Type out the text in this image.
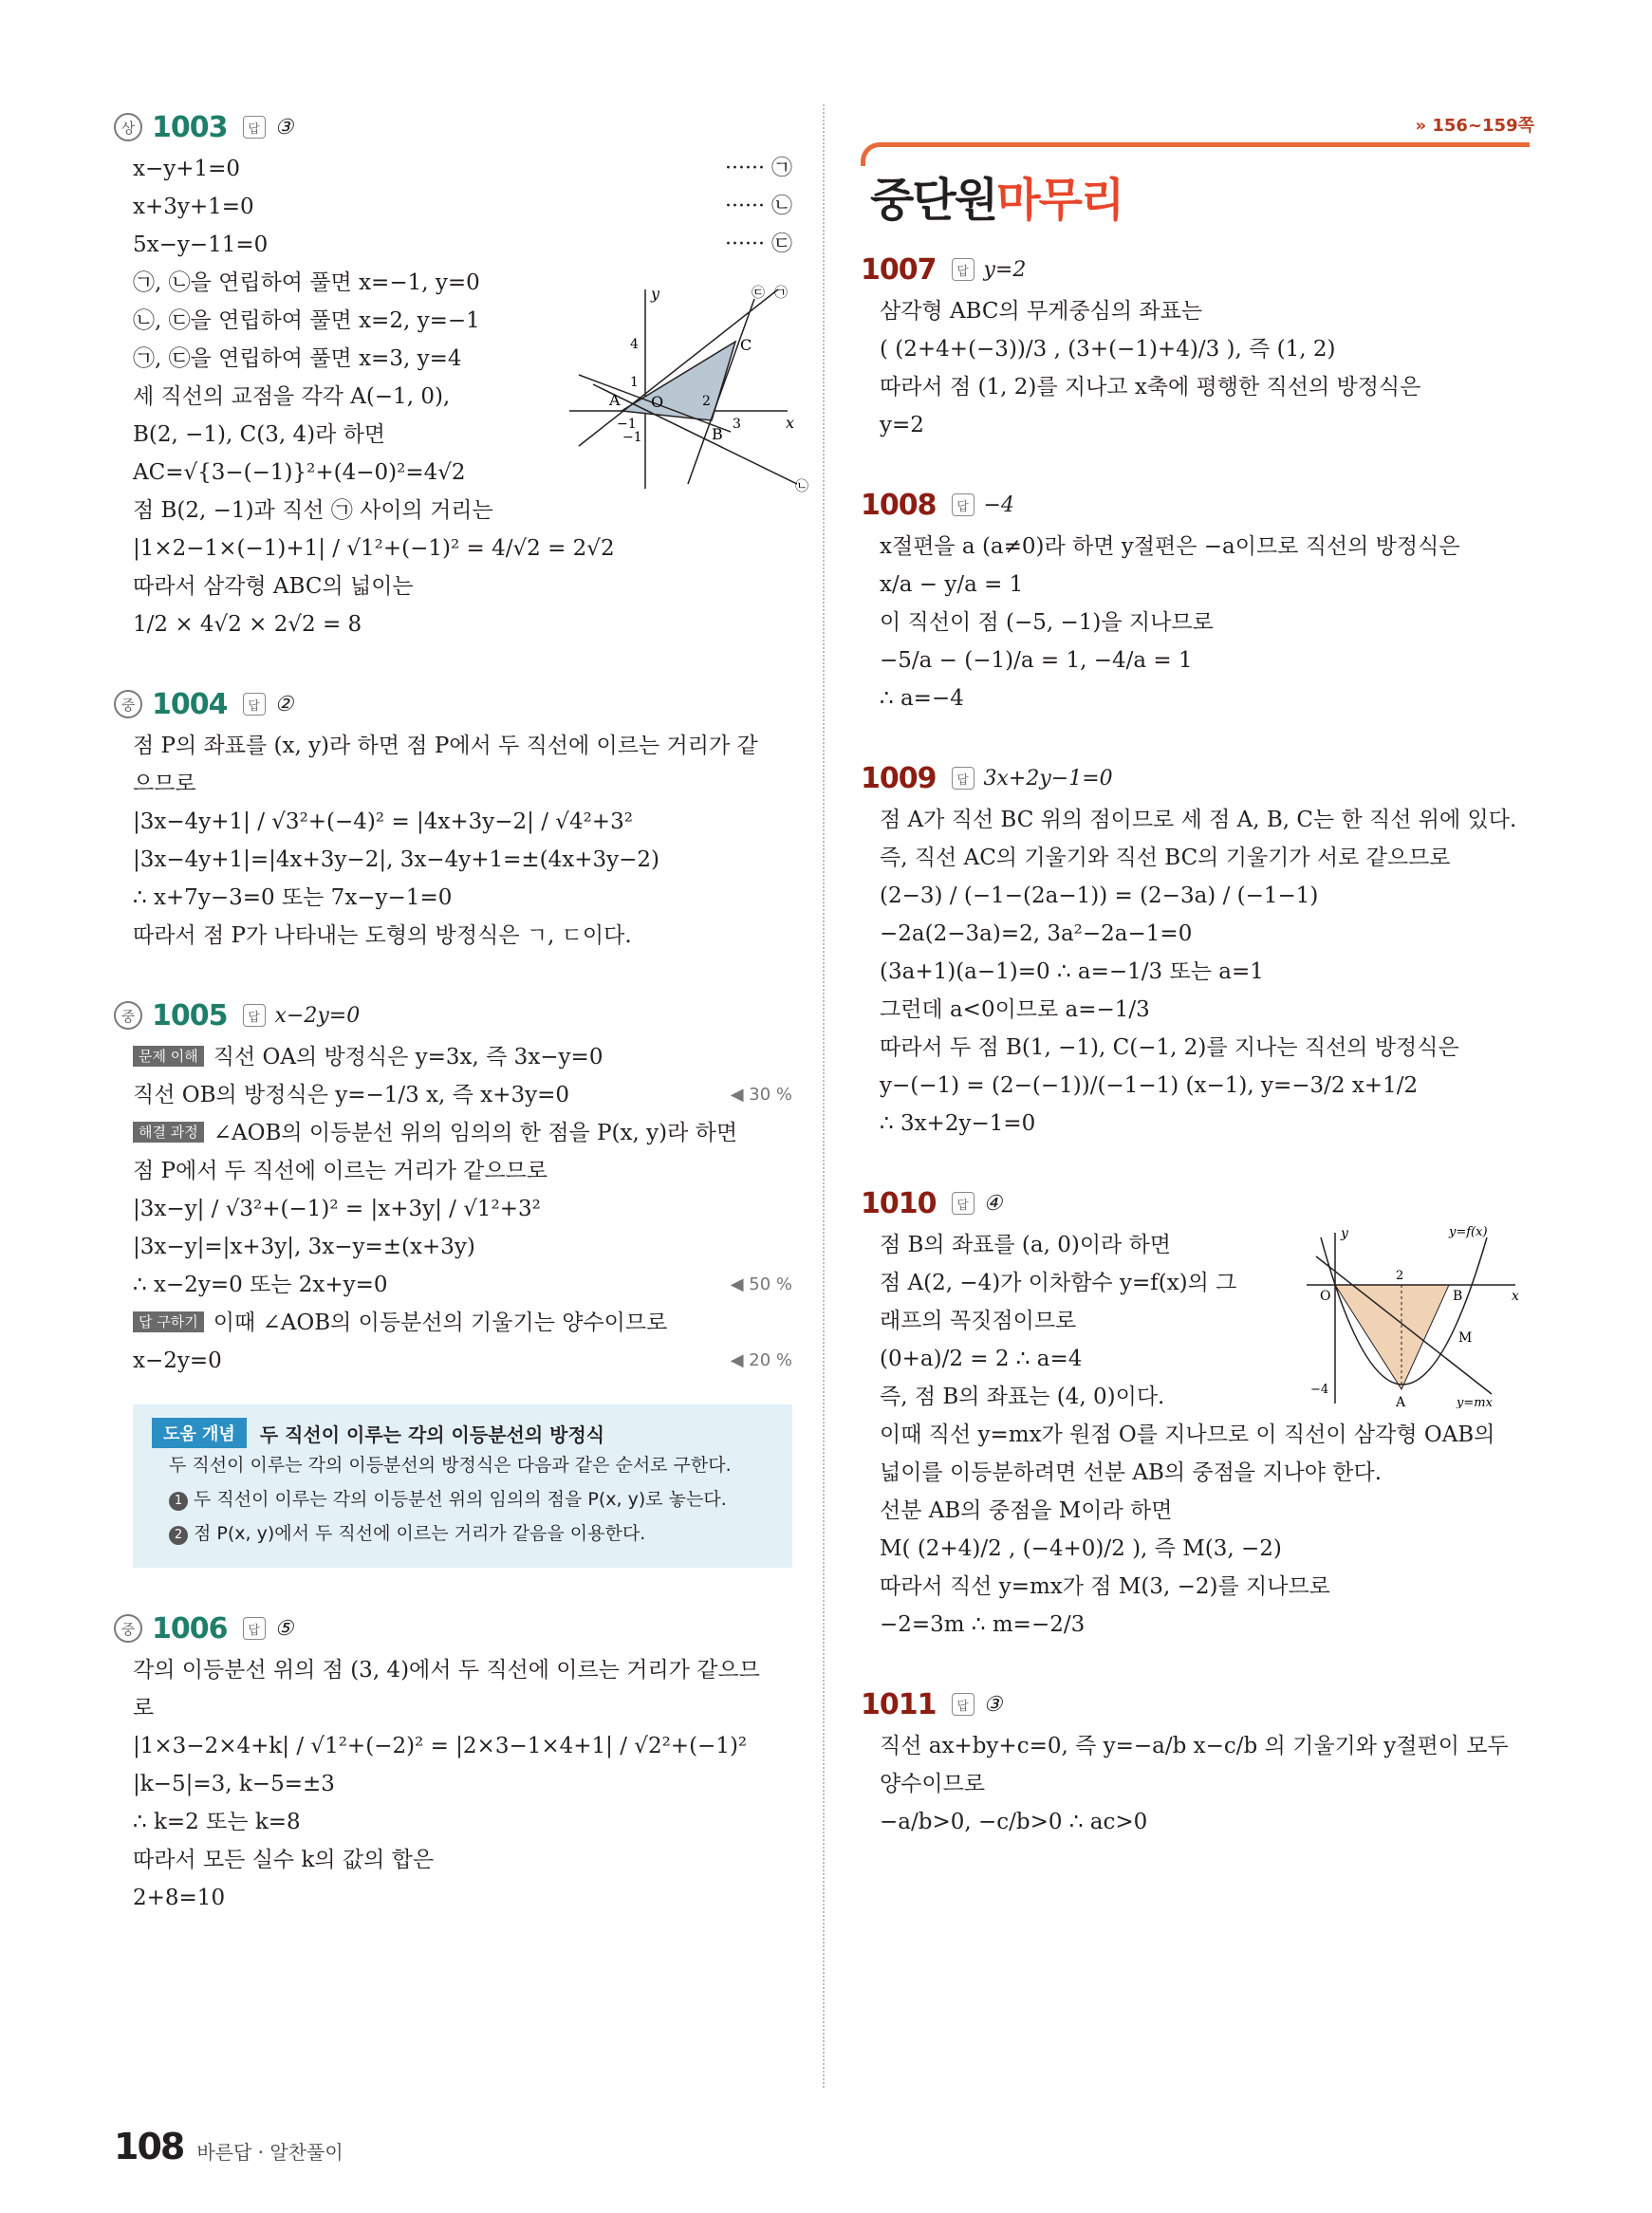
상 1003	답 ③
x−y+1=0	······ ㉠
x+3y+1=0	······ ㉡
5x−y−11=0	······ ㉢
㉠, ㉡을 연립하여 풀면 x=−1, y=0
㉡, ㉢을 연립하여 풀면 x=2, y=−1
㉠, ㉢을 연립하여 풀면 x=3, y=4
세 직선의 교점을 각각 A(−1, 0),
B(2, −1), C(3, 4)라 하면
AC=√{3−(−1)}²+(4−0)²=4√2
점 B(2, −1)과 직선 ㉠ 사이의 거리는
|1×2−1×(−1)+1| / √1²+(−1)² = 4/√2 = 2√2
따라서 삼각형 ABC의 넓이는
1/2 × 4√2 × 2√2 = 8
중 1004	답 ②
점 P의 좌표를 (x, y)라 하면 점 P에서 두 직선에 이르는 거리가 같
으므로
|3x−4y+1| / √3²+(−4)² = |4x+3y−2| / √4²+3²
|3x−4y+1|=|4x+3y−2|, 3x−4y+1=±(4x+3y−2)
∴ x+7y−3=0 또는 7x−y−1=0
따라서 점 P가 나타내는 도형의 방정식은 ㄱ, ㄷ이다.
중 1005	답 x−2y=0
문제 이해 직선 OA의 방정식은 y=3x, 즉 3x−y=0
직선 OB의 방정식은 y=−1/3 x, 즉 x+3y=0	◀ 30 %
해결 과정 ∠AOB의 이등분선 위의 임의의 한 점을 P(x, y)라 하면
점 P에서 두 직선에 이르는 거리가 같으므로
|3x−y| / √3²+(−1)² = |x+3y| / √1²+3²
|3x−y|=|x+3y|, 3x−y=±(x+3y)
∴ x−2y=0 또는 2x+y=0	◀ 50 %
답 구하기 이때 ∠AOB의 이등분선의 기울기는 양수이므로
x−2y=0	◀ 20 %
도움 개념	두 직선이 이루는 각의 이등분선의 방정식
두 직선이 이루는 각의 이등분선의 방정식은 다음과 같은 순서로 구한다.
1 두 직선이 이루는 각의 이등분선 위의 임의의 점을 P(x, y)로 놓는다.
2 점 P(x, y)에서 두 직선에 이르는 거리가 같음을 이용한다.
중 1006	답 ⑤
각의 이등분선 위의 점 (3, 4)에서 두 직선에 이르는 거리가 같으므
로
|1×3−2×4+k| / √1²+(−2)² = |2×3−1×4+1| / √2²+(−1)²
|k−5|=3, k−5=±3
∴ k=2 또는 k=8
따라서 모든 실수 k의 값의 합은
2+8=10
y
x
O
A
B
C
1
−1
−1
2
3
4
㉠
㉡
㉢
» 156~159쪽
중단원마무리
1007	답 y=2
삼각형 ABC의 무게중심의 좌표는
( (2+4+(−3))/3 , (3+(−1)+4)/3 ), 즉 (1, 2)
따라서 점 (1, 2)를 지나고 x축에 평행한 직선의 방정식은
y=2
1008	답 −4
x절편을 a (a≠0)라 하면 y절편은 −a이므로 직선의 방정식은
x/a − y/a = 1
이 직선이 점 (−5, −1)을 지나므로
−5/a − (−1)/a = 1, −4/a = 1
∴ a=−4
1009	답 3x+2y−1=0
점 A가 직선 BC 위의 점이므로 세 점 A, B, C는 한 직선 위에 있다.
즉, 직선 AC의 기울기와 직선 BC의 기울기가 서로 같으므로
(2−3) / (−1−(2a−1)) = (2−3a) / (−1−1)
−2a(2−3a)=2, 3a²−2a−1=0
(3a+1)(a−1)=0 ∴ a=−1/3 또는 a=1
그런데 a<0이므로 a=−1/3
따라서 두 점 B(1, −1), C(−1, 2)를 지나는 직선의 방정식은
y−(−1) = (2−(−1))/(−1−1) (x−1), y=−3/2 x+1/2
∴ 3x+2y−1=0
1010	답 ④
점 B의 좌표를 (a, 0)이라 하면
점 A(2, −4)가 이차함수 y=f(x)의 그
래프의 꼭짓점이므로
(0+a)/2 = 2 ∴ a=4
즉, 점 B의 좌표는 (4, 0)이다.
이때 직선 y=mx가 원점 O를 지나므로 이 직선이 삼각형 OAB의
넓이를 이등분하려면 선분 AB의 중점을 지나야 한다.
선분 AB의 중점을 M이라 하면
M( (2+4)/2 , (−4+0)/2 ), 즉 M(3, −2)
따라서 직선 y=mx가 점 M(3, −2)를 지나므로
−2=3m ∴ m=−2/3
y
x
O
A
B
M
2
−4
y=f(x)
y=mx
1011	답 ③
직선 ax+by+c=0, 즉 y=−a/b x−c/b 의 기울기와 y절편이 모두
양수이므로
−a/b>0, −c/b>0 ∴ ac>0
108 바른답 · 알찬풀이
